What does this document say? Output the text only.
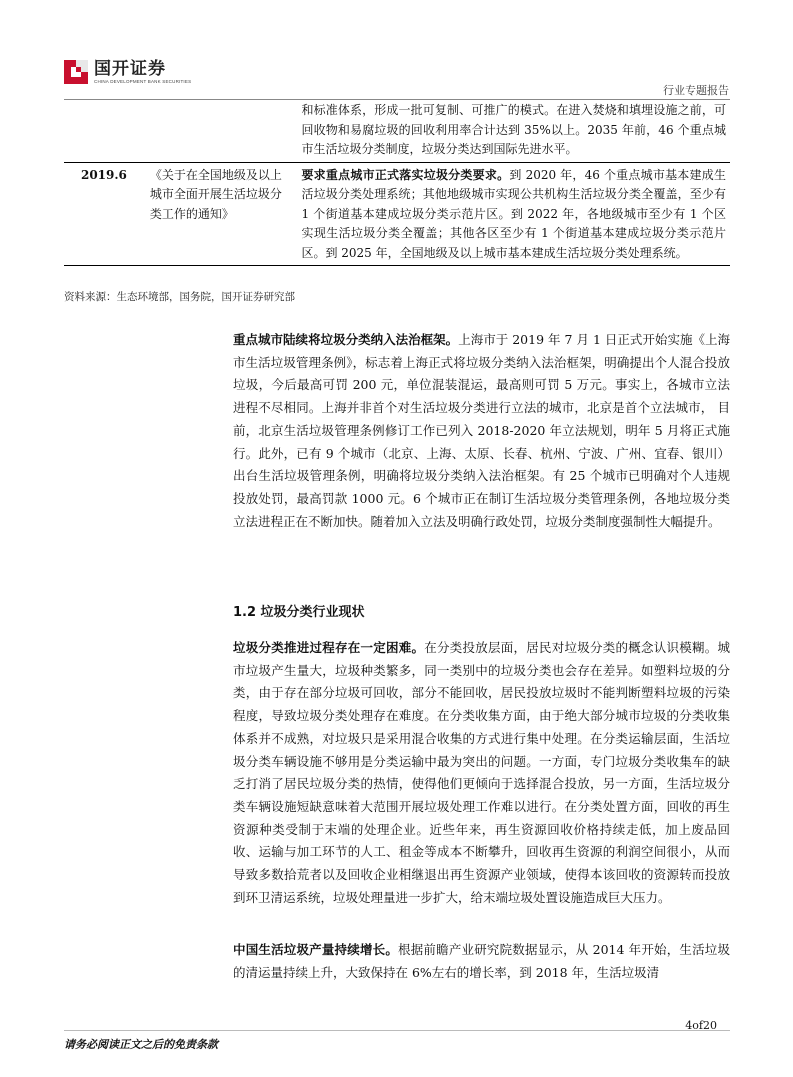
国开证券
CHINA DEVELOPMENT BANK SECURITIES
行业专题报告
		和标准体系，形成一批可复制、可推广的模式。在进入焚烧和填埋设施之前，可回收物和易腐垃圾的回收利用率合计达到 35%以上。2035 年前，46 个重点城市生活垃圾分类制度，垃圾分类达到国际先进水平。
2019.6	《关于在全国地级及以上城市全面开展生活垃圾分类工作的通知》	要求重点城市正式落实垃圾分类要求。到 2020 年，46 个重点城市基本建成生活垃圾分类处理系统；其他地级城市实现公共机构生活垃圾分类全覆盖，至少有 1 个街道基本建成垃圾分类示范片区。到 2022 年，各地级城市至少有 1 个区实现生活垃圾分类全覆盖；其他各区至少有 1 个街道基本建成垃圾分类示范片区。到 2025 年，全国地级及以上城市基本建成生活垃圾分类处理系统。
资料来源：生态环境部，国务院，国开证券研究部
重点城市陆续将垃圾分类纳入法治框架。上海市于 2019 年 7 月 1 日正式开始实施《上海市生活垃圾管理条例》，标志着上海正式将垃圾分类纳入法治框架，明确提出个人混合投放垃圾，今后最高可罚 200 元，单位混装混运，最高则可罚 5 万元。事实上，各城市立法进程不尽相同。上海并非首个对生活垃圾分类进行立法的城市，北京是首个立法城市， 目前，北京生活垃圾管理条例修订工作已列入 2018-2020 年立法规划，明年 5 月将正式施行。此外，已有 9 个城市（北京、上海、太原、长春、杭州、宁波、广州、宜春、银川）出台生活垃圾管理条例，明确将垃圾分类纳入法治框架。有 25 个城市已明确对个人违规投放处罚，最高罚款 1000 元。6 个城市正在制订生活垃圾分类管理条例，各地垃圾分类立法进程正在不断加快。随着加入立法及明确行政处罚，垃圾分类制度强制性大幅提升。
1.2 垃圾分类行业现状
垃圾分类推进过程存在一定困难。在分类投放层面，居民对垃圾分类的概念认识模糊。城市垃圾产生量大，垃圾种类繁多，同一类别中的垃圾分类也会存在差异。如塑料垃圾的分类，由于存在部分垃圾可回收，部分不能回收，居民投放垃圾时不能判断塑料垃圾的污染程度，导致垃圾分类处理存在难度。在分类收集方面，由于绝大部分城市垃圾的分类收集体系并不成熟，对垃圾只是采用混合收集的方式进行集中处理。在分类运输层面，生活垃圾分类车辆设施不够用是分类运输中最为突出的问题。一方面，专门垃圾分类收集车的缺乏打消了居民垃圾分类的热情，使得他们更倾向于选择混合投放，另一方面，生活垃圾分类车辆设施短缺意味着大范围开展垃圾处理工作难以进行。在分类处置方面，回收的再生资源种类受制于末端的处理企业。近些年来，再生资源回收价格持续走低，加上废品回收、运输与加工环节的人工、租金等成本不断攀升，回收再生资源的利润空间很小，从而导致多数拾荒者以及回收企业相继退出再生资源产业领域，使得本该回收的资源转而投放到环卫清运系统，垃圾处理量进一步扩大，给末端垃圾处置设施造成巨大压力。
中国生活垃圾产量持续增长。根据前瞻产业研究院数据显示，从 2014 年开始，生活垃圾的清运量持续上升，大致保持在 6%左右的增长率，到 2018 年，生活垃圾清
4of20
请务必阅读正文之后的免责条款
